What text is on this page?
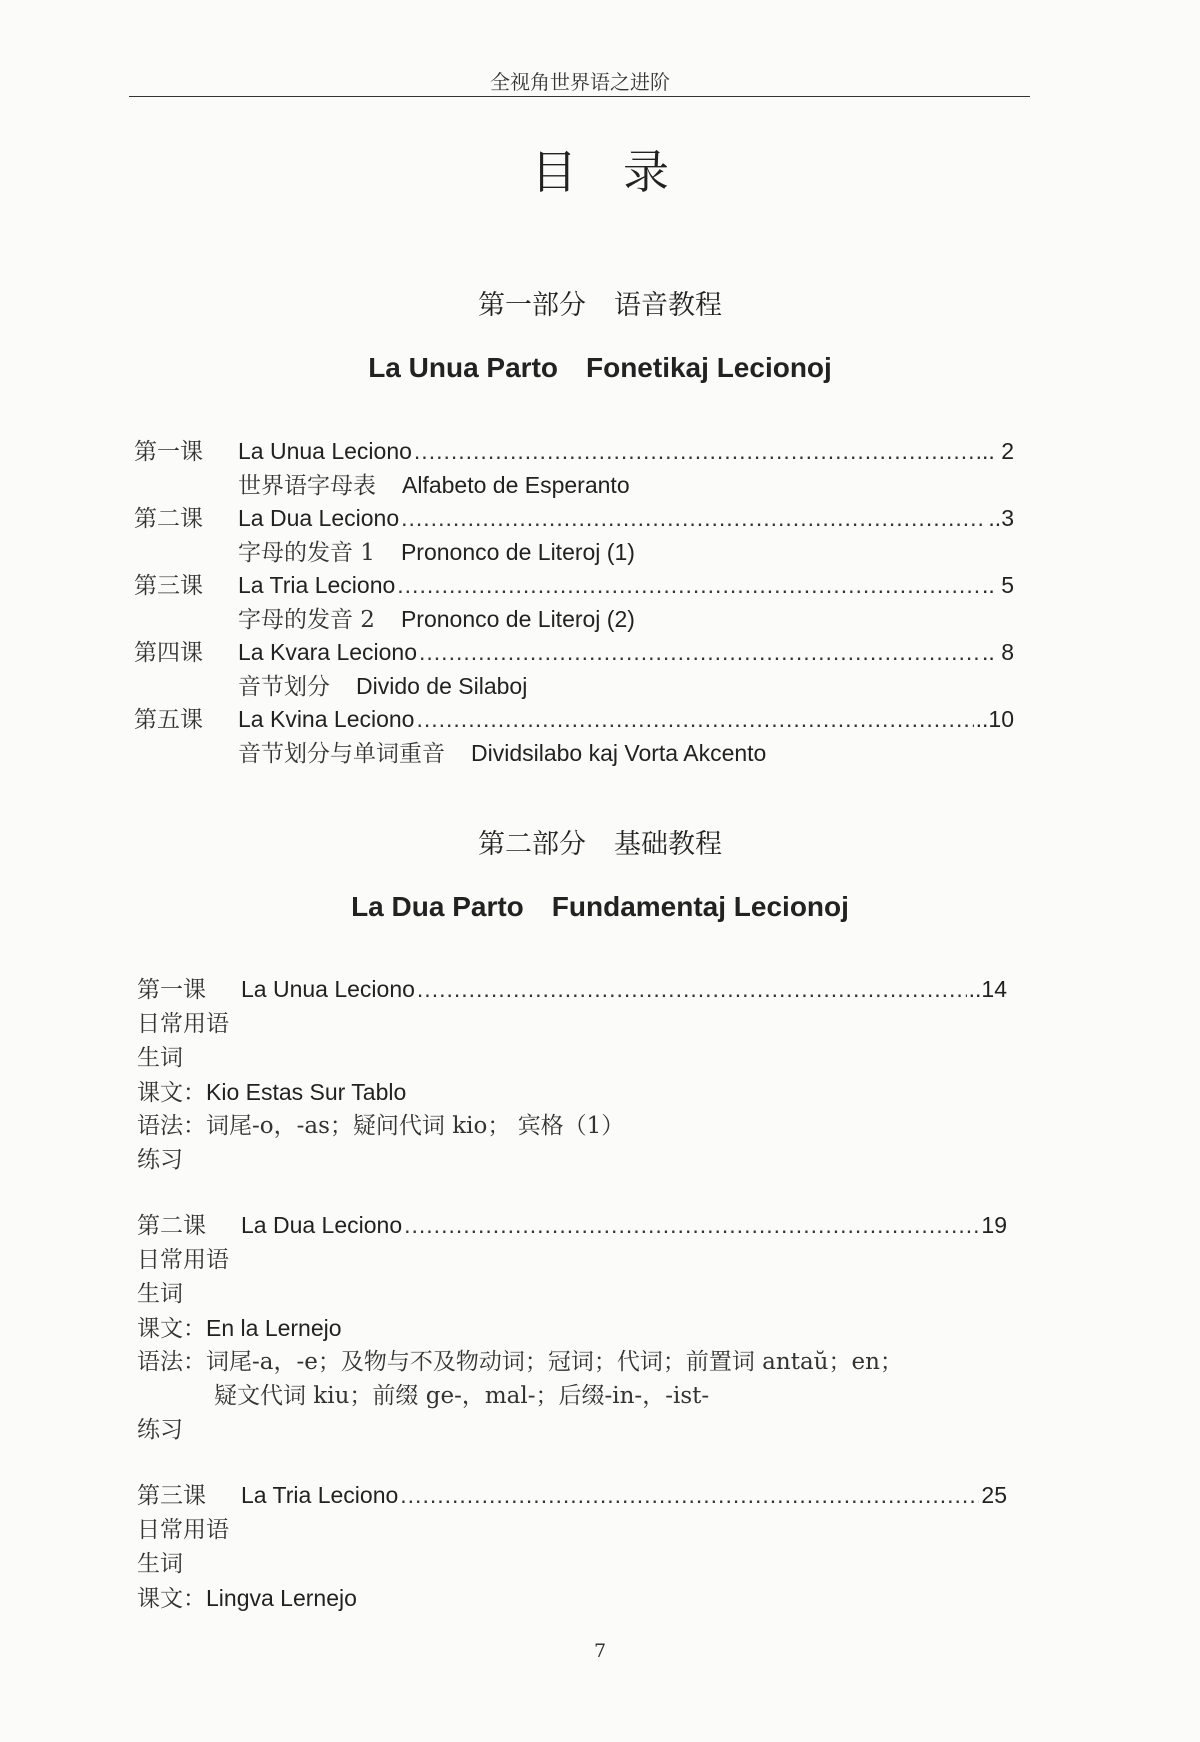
全视角世界语之进阶
目录
第一部分 语音教程
La Unua Parto Fonetikaj Lecionoj
第一课	La Unua Leciono .....	.. 2
世界语字母表 Alfabeto de Esperanto
第二课	La Dua Leciono .....	..3
字母的发音 1 Prononco de Literoj (1)
第三课	La Tria Leciono .....	.. 5
字母的发音 2 Prononco de Literoj (2)
第四课	La Kvara Leciono .....	.. 8
音节划分 Divido de Silaboj
第五课	La Kvina Leciono .....	..10
音节划分与单词重音 Dividsilabo kaj Vorta Akcento
第二部分 基础教程
La Dua Parto Fundamentaj Lecionoj
第一课	La Unua Leciono .....	..14
日常用语
生词
课文：Kio Estas Sur Tablo
语法：词尾-o，-as；疑问代词 kio； 宾格（1）
练习
第二课	La Dua Leciono .....	19
日常用语
生词
课文：En la Lernejo
语法：词尾-a，-e；及物与不及物动词；冠词；代词；前置词 antaŭ；en；
疑文代词 kiu；前缀 ge-，mal-；后缀-in-，-ist-
练习
第三课	La Tria Leciono .....	25
日常用语
生词
课文：Lingva Lernejo
7
